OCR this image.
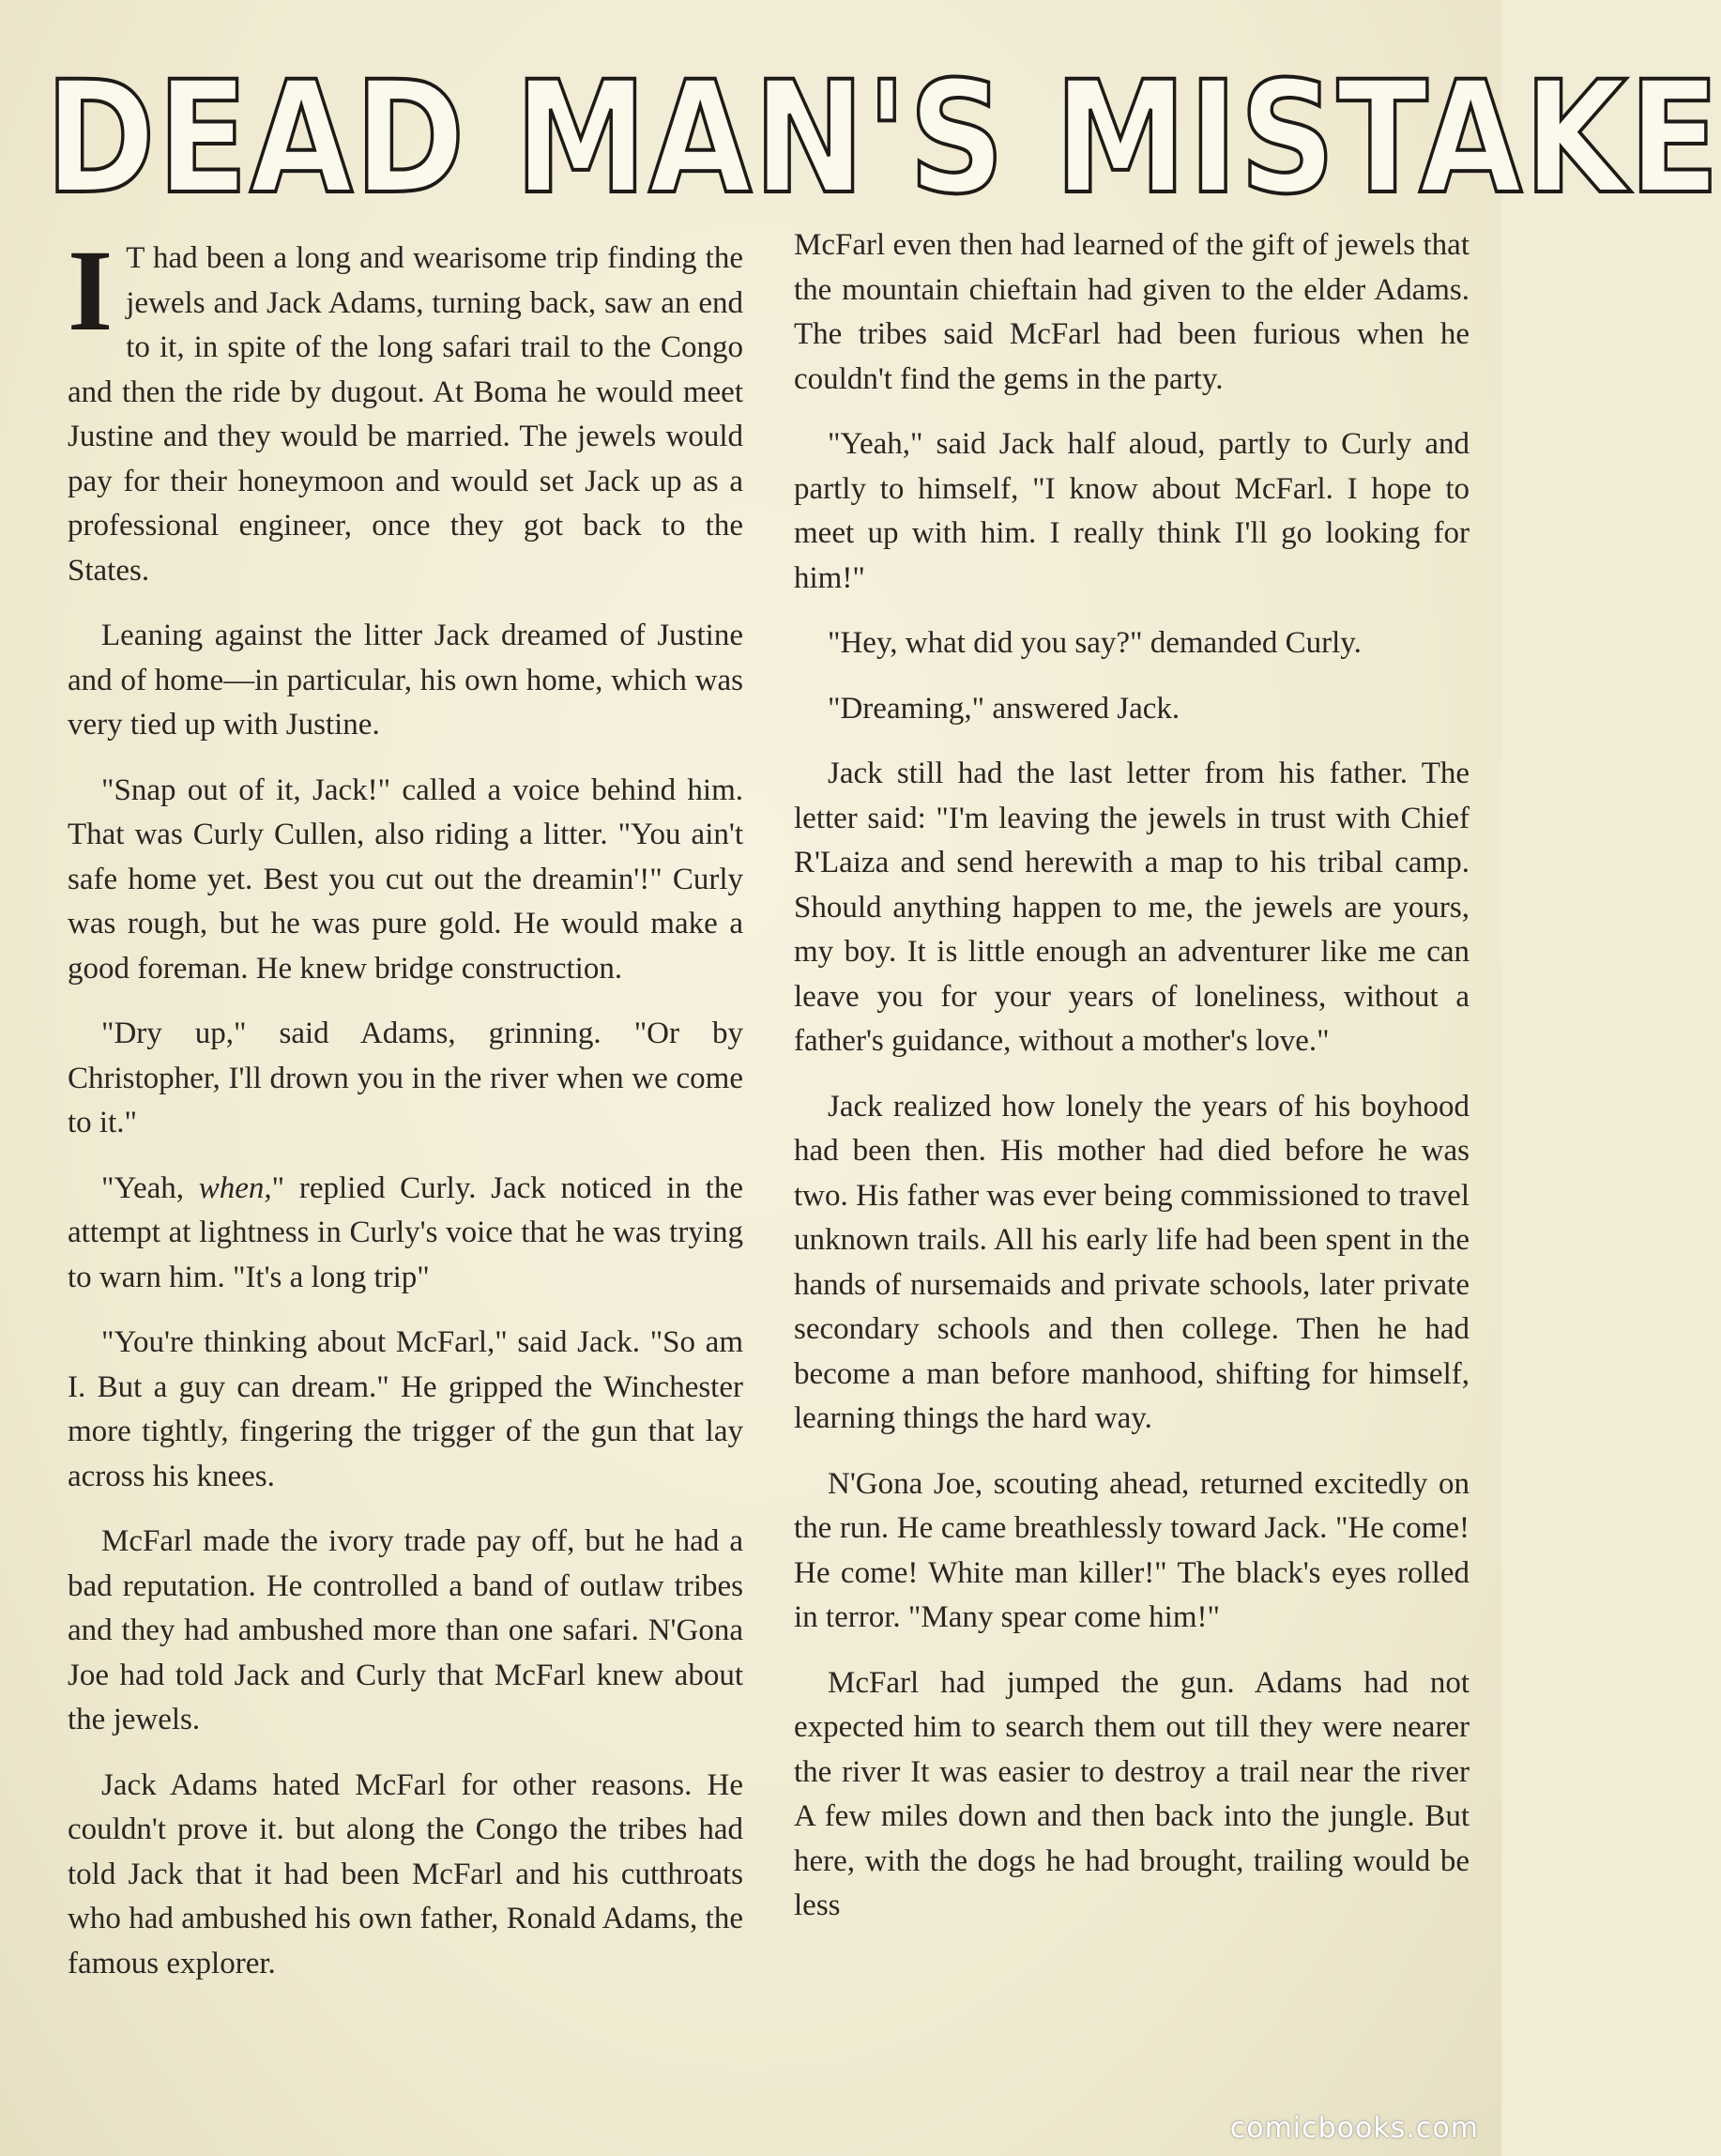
DEAD MAN'S MISTAKE

I T had been a long and wearisome trip finding the jewels and Jack Adams, turning back, saw an end to it, in spite of the long safari trail to the Congo and then the ride by dugout. At Boma he would meet Justine and they would be married. The jewels would pay for their honeymoon and would set Jack up as a professional engineer, once they got back to the States.

Leaning against the litter Jack dreamed of Justine and of home—in particular, his own home, which was very tied up with Justine.

"Snap out of it, Jack!" called a voice behind him. That was Curly Cullen, also riding a litter. "You ain't safe home yet. Best you cut out the dreamin'!" Curly was rough, but he was pure gold. He would make a good foreman. He knew bridge construction.

"Dry up," said Adams, grinning. "Or by Christopher, I'll drown you in the river when we come to it."

"Yeah, when," replied Curly. Jack noticed in the attempt at lightness in Curly's voice that he was trying to warn him. "It's a long trip"

"You're thinking about McFarl," said Jack. "So am I. But a guy can dream." He gripped the Winchester more tightly, fingering the trigger of the gun that lay across his knees.

McFarl made the ivory trade pay off, but he had a bad reputation. He controlled a band of outlaw tribes and they had ambushed more than one safari. N'Gona Joe had told Jack and Curly that McFarl knew about the jewels.

Jack Adams hated McFarl for other reasons. He couldn't prove it. but along the Congo the tribes had told Jack that it had been McFarl and his cutthroats who had ambushed his own father, Ronald Adams, the famous explorer.

McFarl even then had learned of the gift of jewels that the mountain chieftain had given to the elder Adams. The tribes said McFarl had been furious when he couldn't find the gems in the party.

"Yeah," said Jack half aloud, partly to Curly and partly to himself, "I know about McFarl. I hope to meet up with him. I really think I'll go looking for him!"

"Hey, what did you say?" demanded Curly.

"Dreaming," answered Jack.

Jack still had the last letter from his father. The letter said: "I'm leaving the jewels in trust with Chief R'Laiza and send herewith a map to his tribal camp. Should anything happen to me, the jewels are yours, my boy. It is little enough an adventurer like me can leave you for your years of loneliness, without a father's guidance, without a mother's love."

Jack realized how lonely the years of his boyhood had been then. His mother had died before he was two. His father was ever being commissioned to travel unknown trails. All his early life had been spent in the hands of nursemaids and private schools, later private secondary schools and then college. Then he had become a man before manhood, shifting for himself, learning things the hard way.

N'Gona Joe, scouting ahead, returned excitedly on the run. He came breathlessly toward Jack. "He come! He come! White man killer!" The black's eyes rolled in terror. "Many spear come him!"

McFarl had jumped the gun. Adams had not expected him to search them out till they were nearer the river It was easier to destroy a trail near the river A few miles down and then back into the jungle. But here, with the dogs he had brought, trailing would be less

comicbooks.com
